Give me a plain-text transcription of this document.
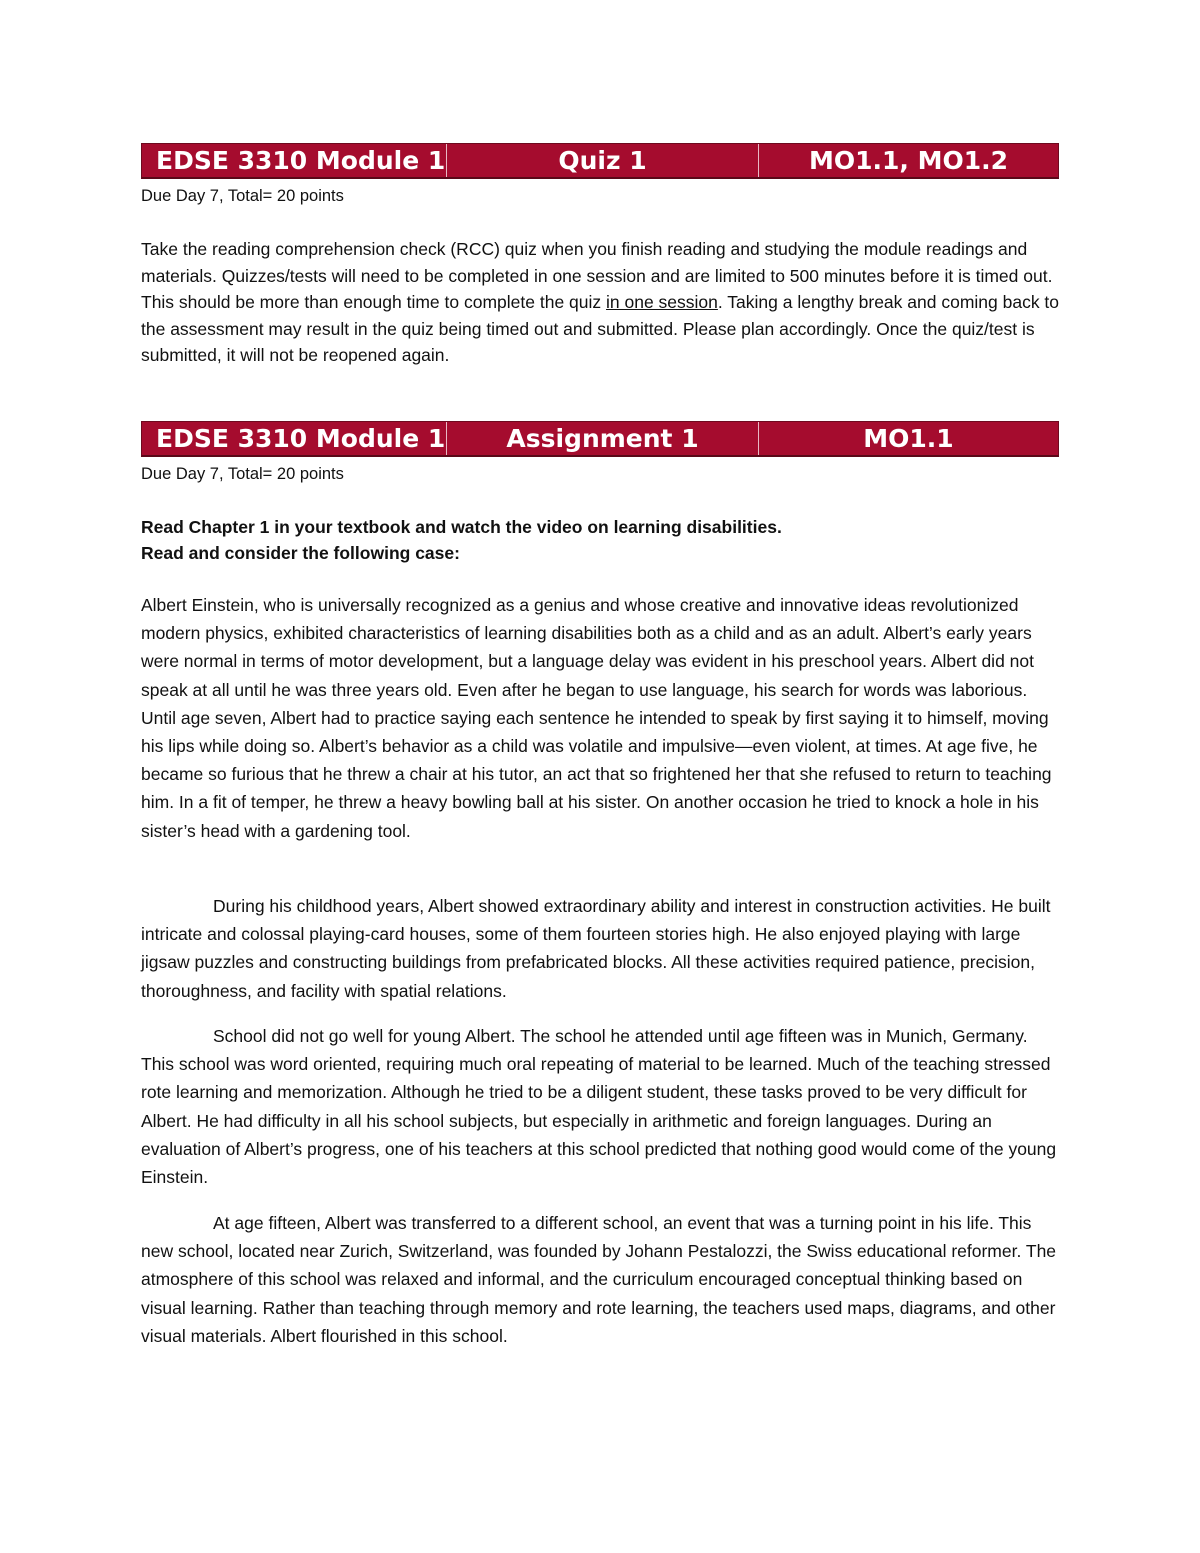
EDSE 3310 Module 1	Quiz 1	MO1.1, MO1.2
Due Day 7, Total= 20 points

Take the reading comprehension check (RCC) quiz when you finish reading and studying the module readings and materials. Quizzes/tests will need to be completed in one session and are limited to 500 minutes before it is timed out. This should be more than enough time to complete the quiz in one session. Taking a lengthy break and coming back to the assessment may result in the quiz being timed out and submitted. Please plan accordingly. Once the quiz/test is submitted, it will not be reopened again.

EDSE 3310 Module 1	Assignment 1	MO1.1
Due Day 7, Total= 20 points

Read Chapter 1 in your textbook and watch the video on learning disabilities.

Read and consider the following case:

Albert Einstein, who is universally recognized as a genius and whose creative and innovative ideas revolutionized modern physics, exhibited characteristics of learning disabilities both as a child and as an adult. Albert’s early years were normal in terms of motor development, but a language delay was evident in his preschool years. Albert did not speak at all until he was three years old. Even after he began to use language, his search for words was laborious. Until age seven, Albert had to practice saying each sentence he intended to speak by first saying it to himself, moving his lips while doing so. Albert’s behavior as a child was volatile and impulsive—even violent, at times. At age five, he became so furious that he threw a chair at his tutor, an act that so frightened her that she refused to return to teaching him. In a fit of temper, he threw a heavy bowling ball at his sister. On another occasion he tried to knock a hole in his sister’s head with a gardening tool.

During his childhood years, Albert showed extraordinary ability and interest in construction activities. He built intricate and colossal playing-card houses, some of them fourteen stories high. He also enjoyed playing with large jigsaw puzzles and constructing buildings from prefabricated blocks. All these activities required patience, precision, thoroughness, and facility with spatial relations.

School did not go well for young Albert. The school he attended until age fifteen was in Munich, Germany. This school was word oriented, requiring much oral repeating of material to be learned. Much of the teaching stressed rote learning and memorization. Although he tried to be a diligent student, these tasks proved to be very difficult for Albert. He had difficulty in all his school subjects, but especially in arithmetic and foreign languages. During an evaluation of Albert’s progress, one of his teachers at this school predicted that nothing good would come of the young Einstein.

At age fifteen, Albert was transferred to a different school, an event that was a turning point in his life. This new school, located near Zurich, Switzerland, was founded by Johann Pestalozzi, the Swiss educational reformer. The atmosphere of this school was relaxed and informal, and the curriculum encouraged conceptual thinking based on visual learning. Rather than teaching through memory and rote learning, the teachers used maps, diagrams, and other visual materials. Albert flourished in this school.
